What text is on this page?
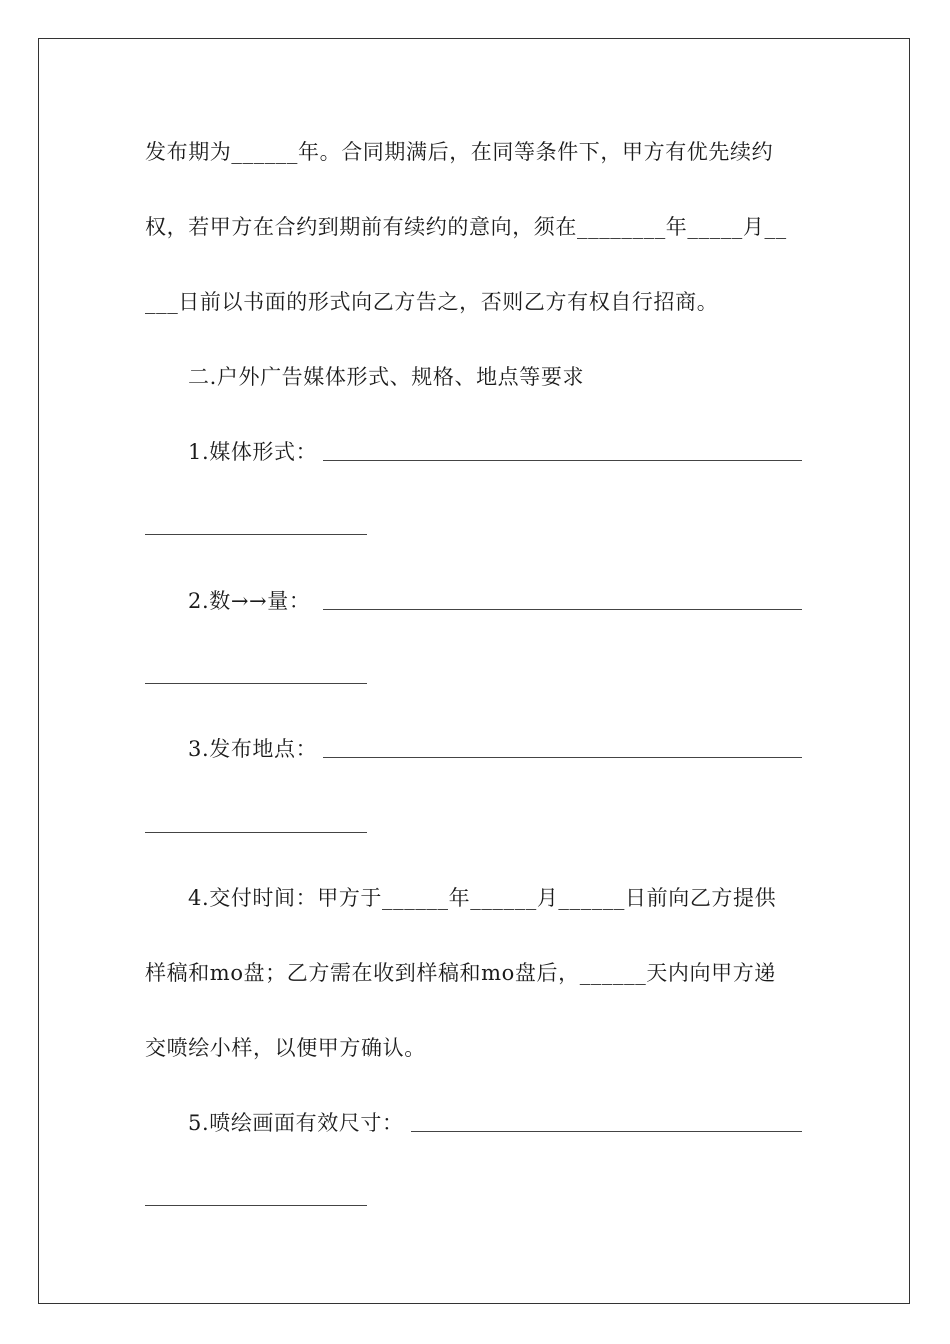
发布期为______年。合同期满后，在同等条件下，甲方有优先续约
权，若甲方在合约到期前有续约的意向，须在________年_____月__
___日前以书面的形式向乙方告之，否则乙方有权自行招商。
二.户外广告媒体形式、规格、地点等要求
1.媒体形式：
2.数→→量：
3.发布地点：
4.交付时间：甲方于______年______月______日前向乙方提供
样稿和mo盘；乙方需在收到样稿和mo盘后，______天内向甲方递
交喷绘小样，以便甲方确认。
5.喷绘画面有效尺寸：
